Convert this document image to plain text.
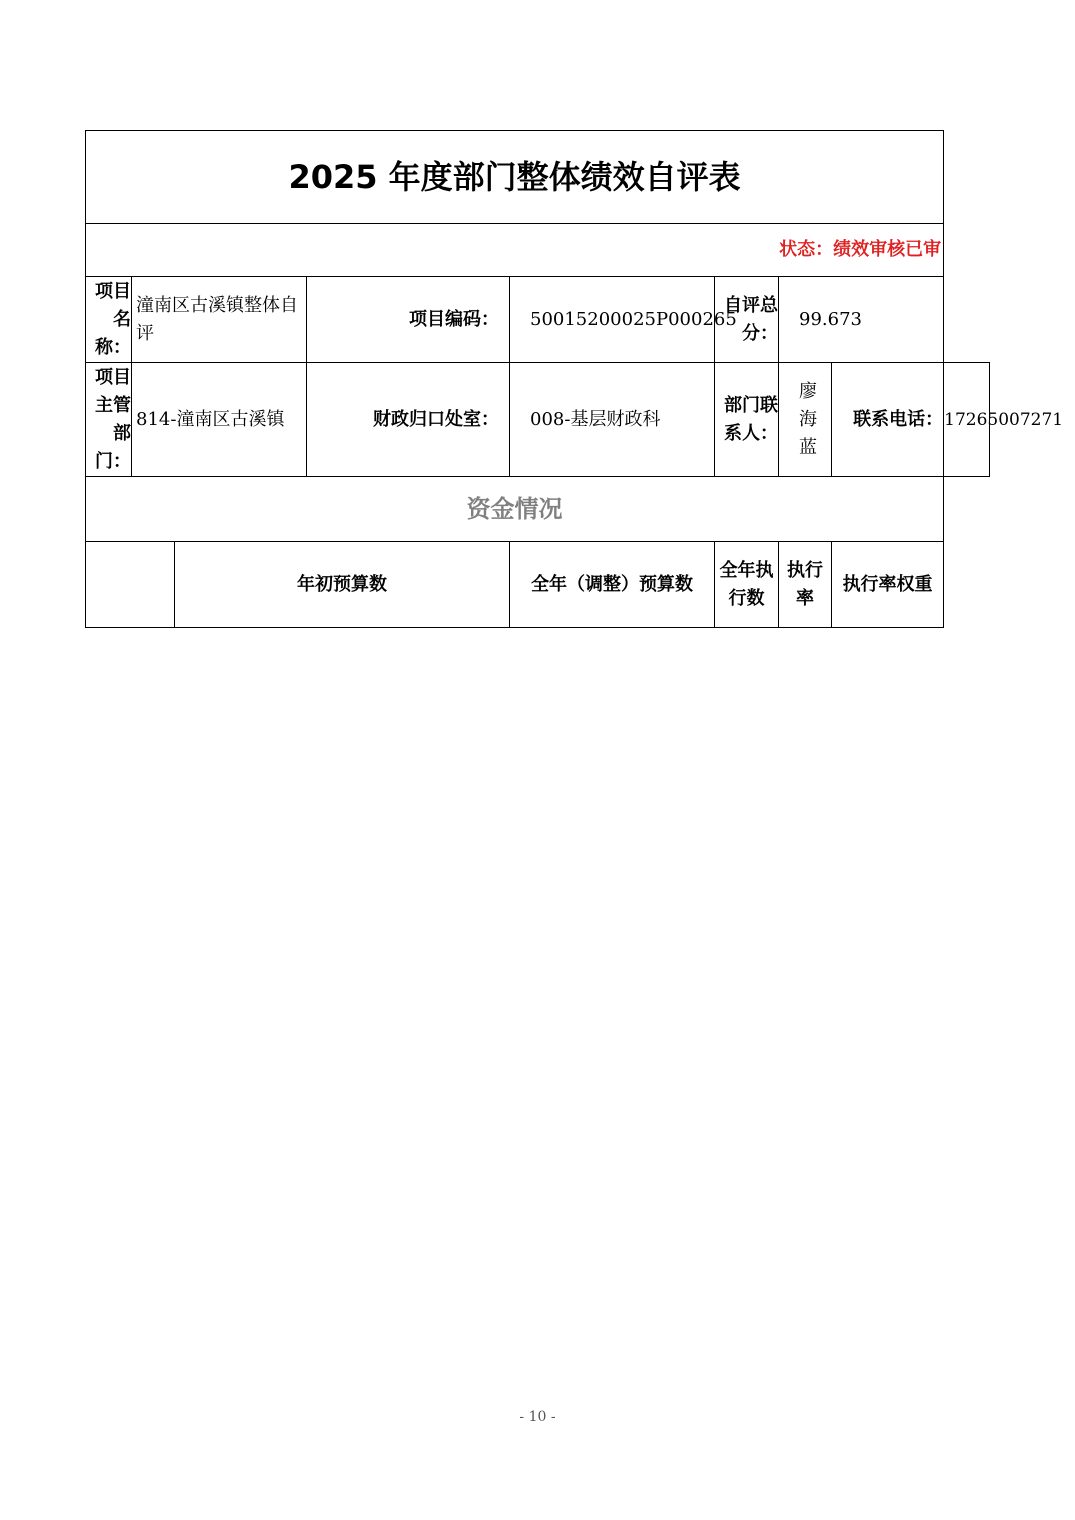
2025 年度部门整体绩效自评表								
状态：绩效审核已审								
项目名称：	潼南区古溪镇整体自评		项目编码：	50015200025P000265	自评总分：	99.673		
项目主管部门：	814-潼南区古溪镇		财政归口处室：	008-基层财政科	部门联系人：	廖海蓝	联系电话：	17265007271
资金情况								
		年初预算数		全年（调整）预算数	全年执行数	执行率	执行率权重	
- 10 -
